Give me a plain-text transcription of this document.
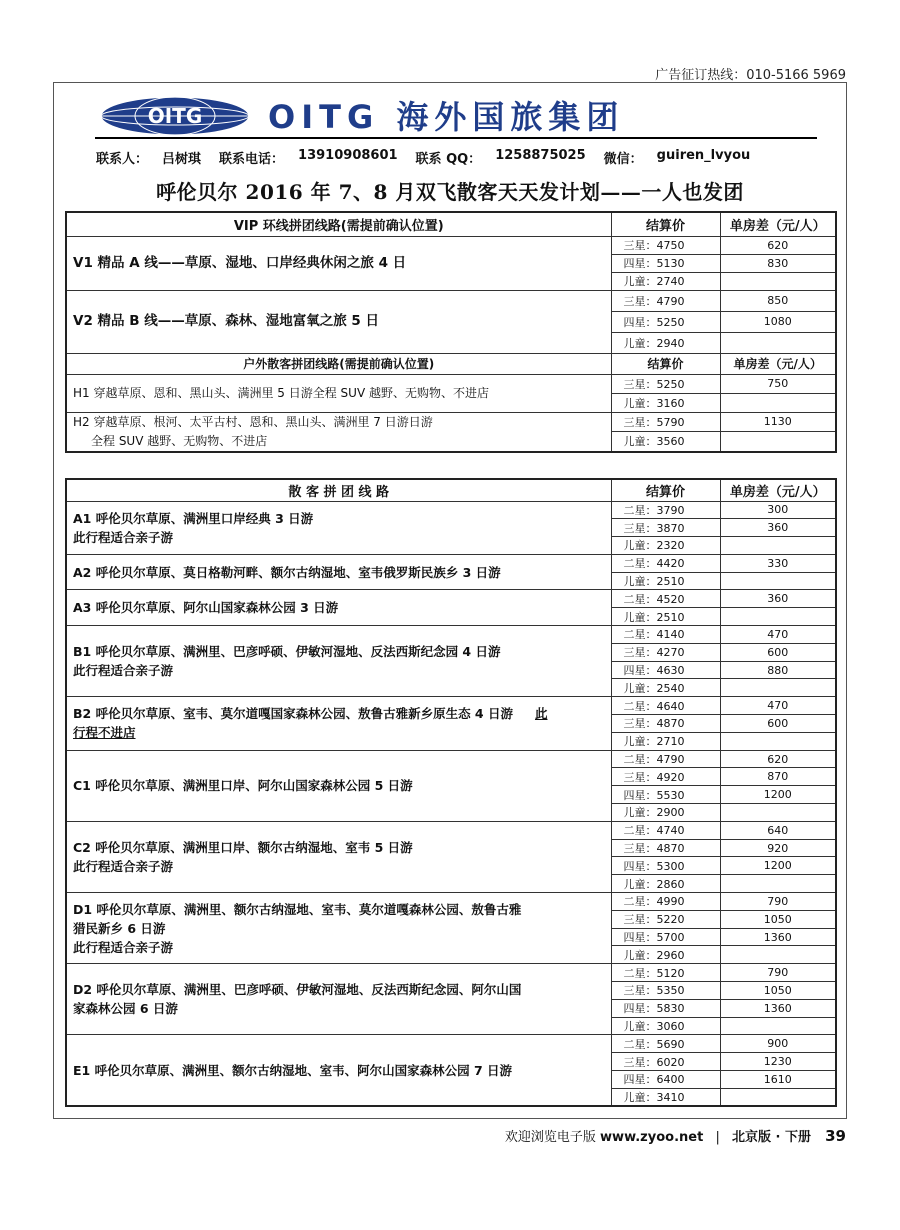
广告征订热线：010-5166 5969
OITG OITG 海外国旅集团
联系人： 吕树琪 联系电话： 13910908601 联系 QQ： 1258875025 微信： guiren_lvyou
呼伦贝尔 2016 年 7、8 月双飞散客天天发计划——一人也发团
VIP 环线拼团线路(需提前确认位置)	结算价	单房差（元/人）
V1 精品 A 线——草原、湿地、口岸经典休闲之旅 4 日	三星：4750	620
	四星：5130	830
	儿童：2740	
V2 精品 B 线——草原、森林、湿地富氧之旅 5 日	三星：4790	850
	四星：5250	1080
	儿童：2940	
户外散客拼团线路(需提前确认位置)	结算价	单房差（元/人）
H1 穿越草原、恩和、黑山头、满洲里 5 日游全程 SUV 越野、无购物、不进店	三星：5250	750
	儿童：3160	

H2 穿越草原、根河、太平古村、恩和、黑山头、满洲里 7 日游日游
全程 SUV 越野、无购物、不进店	三星：5790	1130
	儿童：3560	
散 客 拼 团 线 路	结算价	单房差（元/人）

A1 呼伦贝尔草原、满洲里口岸经典 3 日游
此行程适合亲子游	二星：3790	300
	三星：3870	360
	儿童：2320	

A2 呼伦贝尔草原、莫日格勒河畔、额尔古纳湿地、室韦俄罗斯民族乡 3 日游	二星：4420	330
	儿童：2510	

A3 呼伦贝尔草原、阿尔山国家森林公园 3 日游	二星：4520	360
	儿童：2510	

B1 呼伦贝尔草原、满洲里、巴彦呼硕、伊敏河湿地、反法西斯纪念园 4 日游
此行程适合亲子游	二星：4140	470
	三星：4270	600
	四星：4630	880
	儿童：2540	

B2 呼伦贝尔草原、室韦、莫尔道嘎国家森林公园、敖鲁古雅新乡原生态 4 日游 此
行程不进店	二星：4640	470
	三星：4870	600
	儿童：2710	

C1 呼伦贝尔草原、满洲里口岸、阿尔山国家森林公园 5 日游	二星：4790	620
	三星：4920	870
	四星：5530	1200
	儿童：2900	

C2 呼伦贝尔草原、满洲里口岸、额尔古纳湿地、室韦 5 日游
此行程适合亲子游	二星：4740	640
	三星：4870	920
	四星：5300	1200
	儿童：2860	

D1 呼伦贝尔草原、满洲里、额尔古纳湿地、室韦、莫尔道嘎森林公园、敖鲁古雅
猎民新乡 6 日游
此行程适合亲子游	二星：4990	790
	三星：5220	1050
	四星：5700	1360
	儿童：2960	

D2 呼伦贝尔草原、满洲里、巴彦呼硕、伊敏河湿地、反法西斯纪念园、阿尔山国
家森林公园 6 日游	二星：5120	790
	三星：5350	1050
	四星：5830	1360
	儿童：3060	

E1 呼伦贝尔草原、满洲里、额尔古纳湿地、室韦、阿尔山国家森林公园 7 日游	二星：5690	900
	三星：6020	1230
	四星：6400	1610
	儿童：3410	
欢迎浏览电子版 www.zyoo.net | 北京版 · 下册 39
